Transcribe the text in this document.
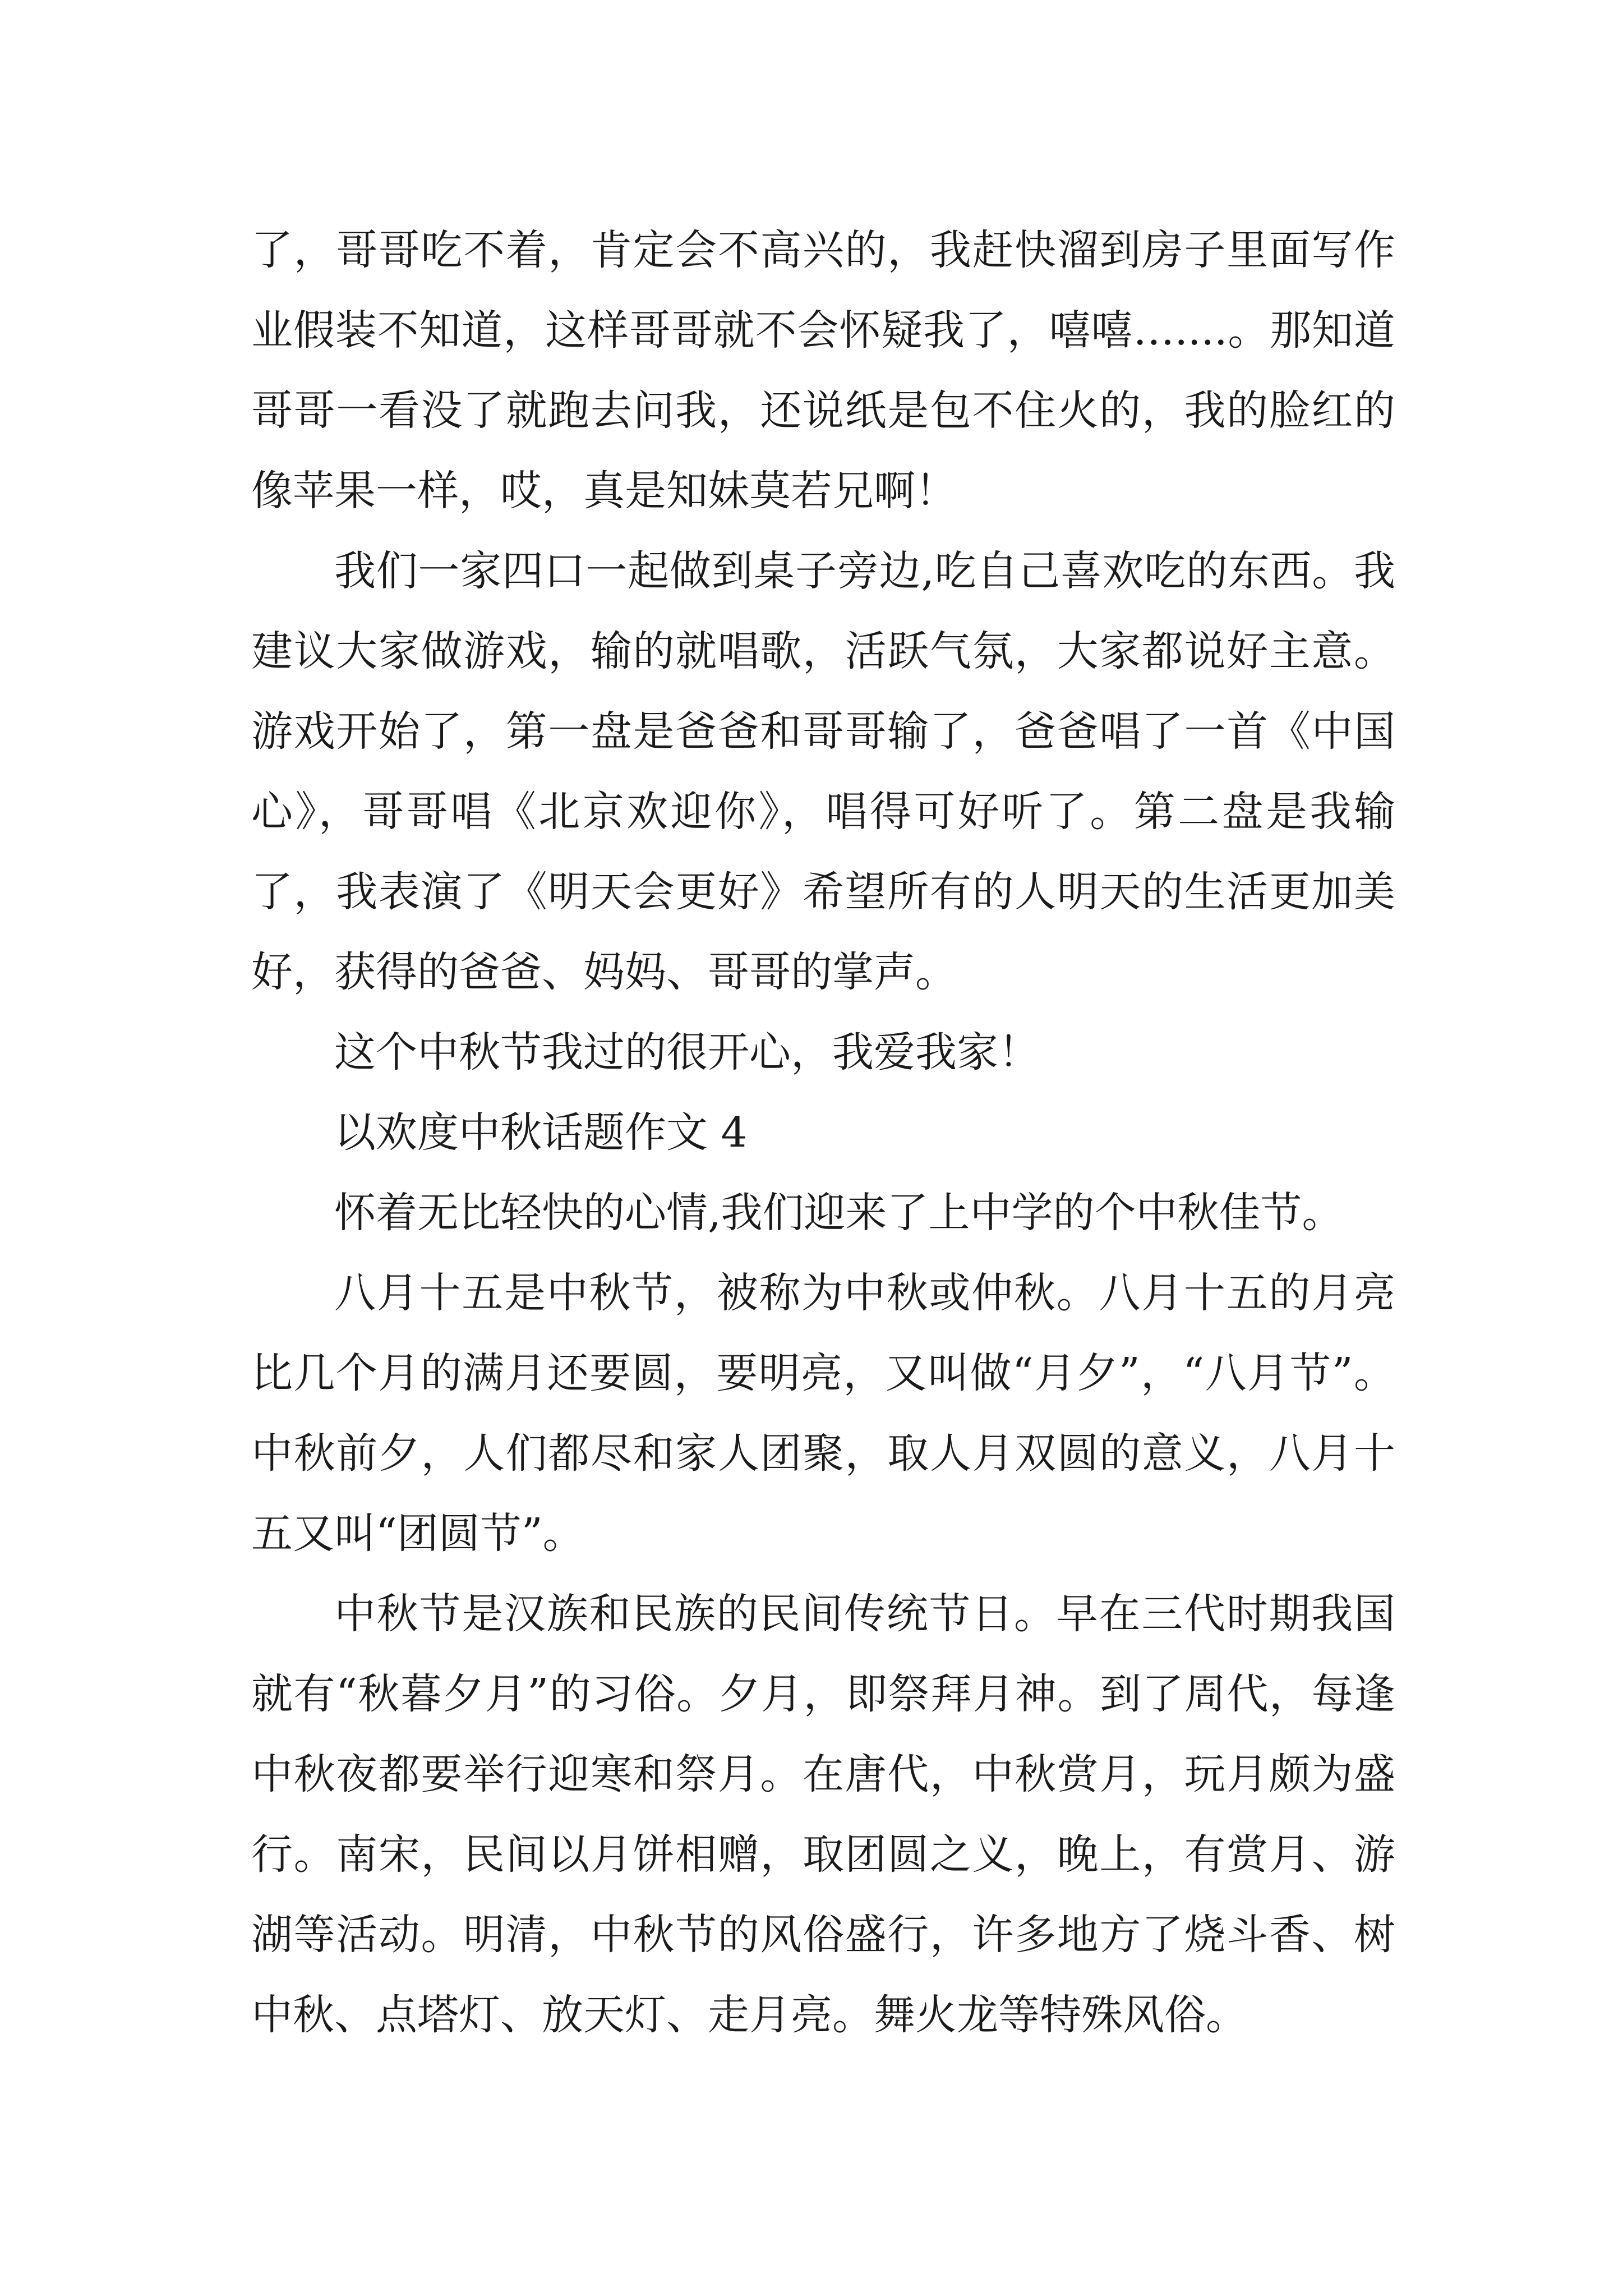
了，哥哥吃不着，肯定会不高兴的，我赶快溜到房子里面写作业假装不知道，这样哥哥就不会怀疑我了，嘻嘻…....。那知道哥哥一看没了就跑去问我，还说纸是包不住火的，我的脸红的像苹果一样，哎，真是知妹莫若兄啊！

我们一家四口一起做到桌子旁边,吃自己喜欢吃的东西。我建议大家做游戏，输的就唱歌，活跃气氛，大家都说好主意。游戏开始了，第一盘是爸爸和哥哥输了，爸爸唱了一首《中国心》，哥哥唱《北京欢迎你》，唱得可好听了。第二盘是我输了，我表演了《明天会更好》希望所有的人明天的生活更加美好，获得的爸爸、妈妈、哥哥的掌声。

这个中秋节我过的很开心，我爱我家！

以欢度中秋话题作文 4

怀着无比轻快的心情,我们迎来了上中学的个中秋佳节。

八月十五是中秋节，被称为中秋或仲秋。八月十五的月亮比几个月的满月还要圆，要明亮，又叫做“月夕”，“八月节”。中秋前夕，人们都尽和家人团聚，取人月双圆的意义，八月十五又叫“团圆节”。

中秋节是汉族和民族的民间传统节日。早在三代时期我国就有“秋暮夕月”的习俗。夕月，即祭拜月神。到了周代，每逢中秋夜都要举行迎寒和祭月。在唐代，中秋赏月，玩月颇为盛行。南宋，民间以月饼相赠，取团圆之义，晚上，有赏月、游湖等活动。明清，中秋节的风俗盛行，许多地方了烧斗香、树中秋、点塔灯、放天灯、走月亮。舞火龙等特殊风俗。
